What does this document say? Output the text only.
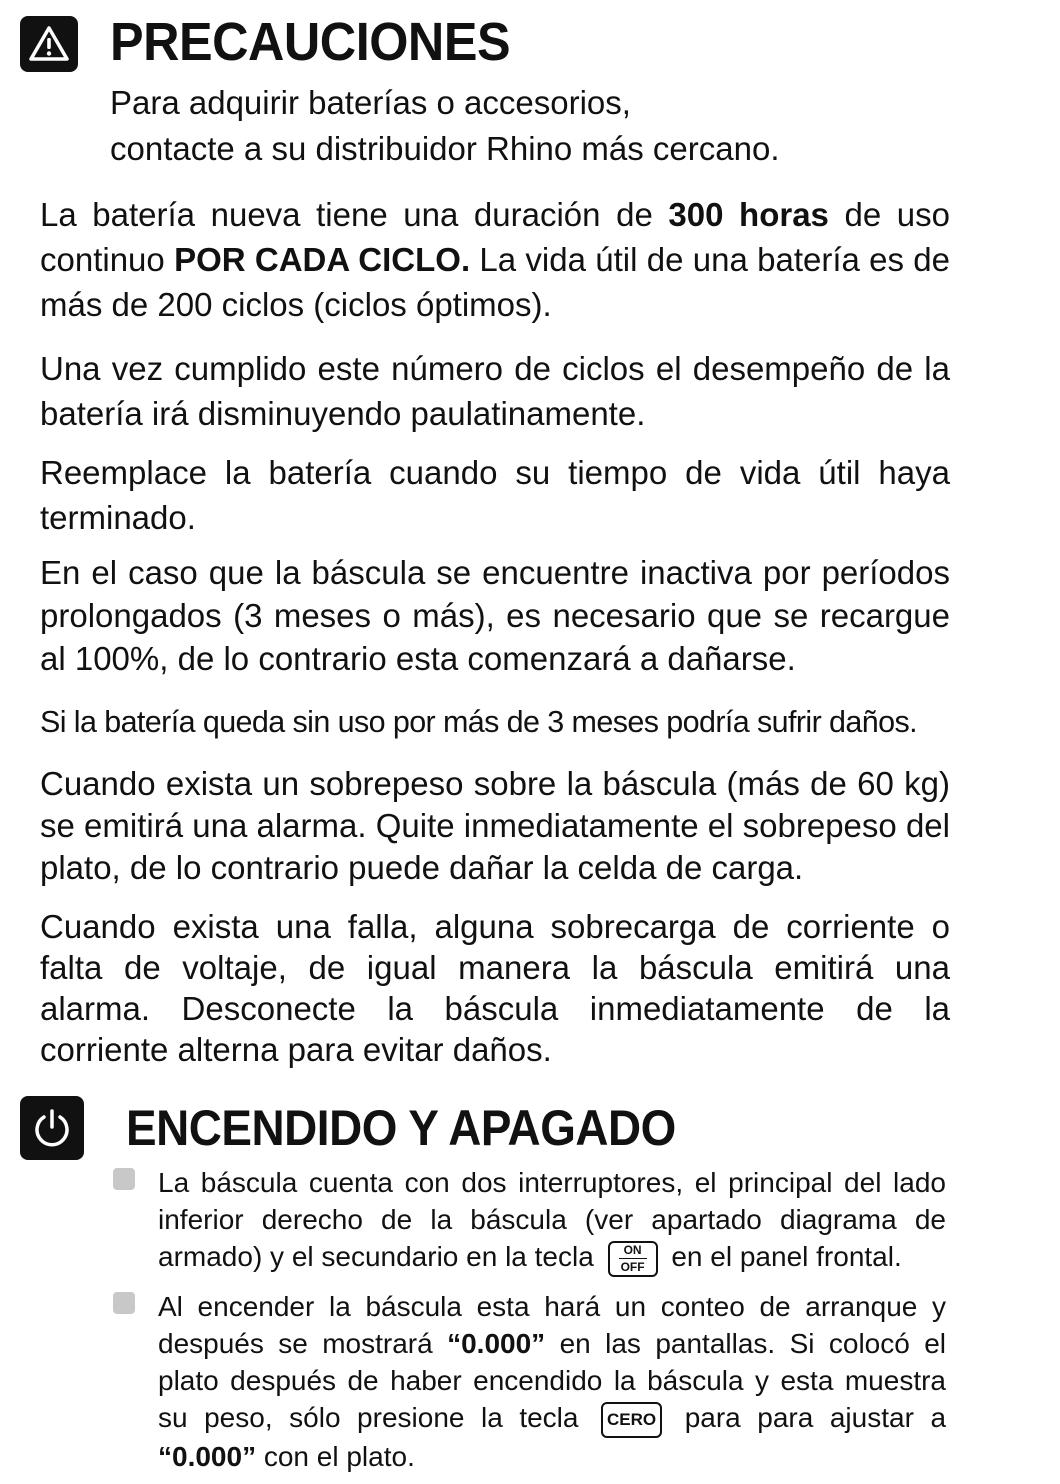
PRECAUCIONES
Para adquirir baterías o accesorios,
contacte a su distribuidor Rhino más cercano.
La batería nueva tiene una duración de 300 horas de uso continuo POR CADA CICLO. La vida útil de una batería es de más de 200 ciclos (ciclos óptimos).
Una vez cumplido este número de ciclos el desempeño de la batería irá disminuyendo paulatinamente.
Reemplace la batería cuando su tiempo de vida útil haya terminado.
En el caso que la báscula se encuentre inactiva por períodos prolongados (3 meses o más), es necesario que se recargue al 100%, de lo contrario esta comenzará a dañarse.
Si la batería queda sin uso por más de 3 meses podría sufrir daños.
Cuando exista un sobrepeso sobre la báscula (más de 60 kg) se emitirá una alarma. Quite inmediatamente el sobrepeso del plato, de lo contrario puede dañar la celda de carga.
Cuando exista una falla, alguna sobrecarga de corriente o falta de voltaje, de igual manera la báscula emitirá una alarma. Desconecte la báscula inmediatamente de la corriente alterna para evitar daños.
ENCENDIDO Y APAGADO
La báscula cuenta con dos interruptores, el principal del lado inferior derecho de la báscula (ver apartado diagrama de armado) y el secundario en la tecla ON
OFF en el panel frontal.
Al encender la báscula esta hará un conteo de arranque y después se mostrará “0.000” en las pantallas. Si colocó el plato después de haber encendido la báscula y esta muestra su peso, sólo presione la tecla CERO para para ajustar a “0.000” con el plato.
